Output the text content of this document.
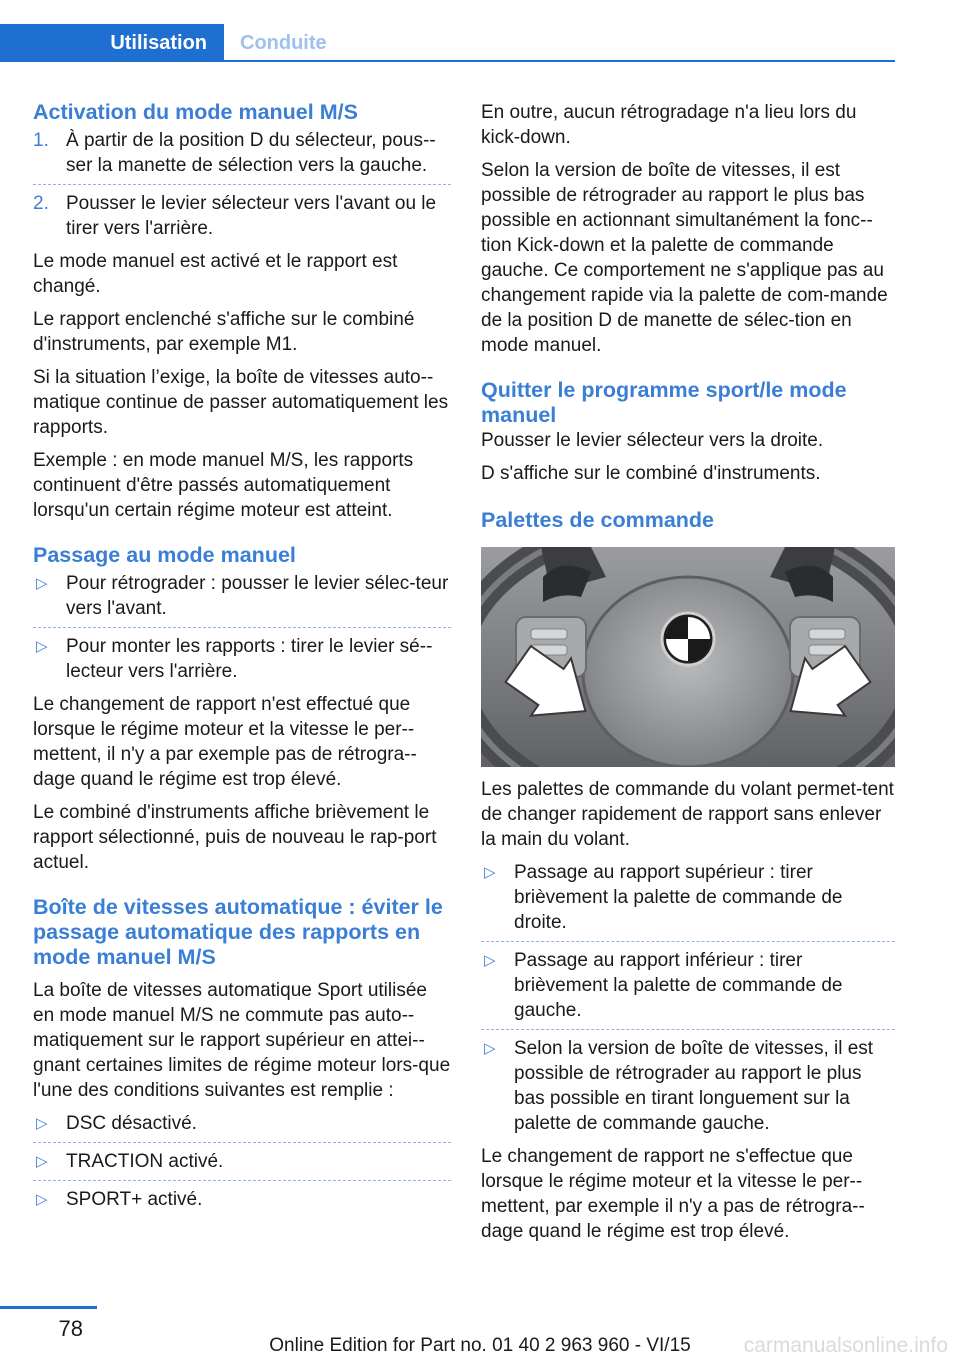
Utilisation Conduite
Activation du mode manuel M/S
1. À partir de la position D du sélecteur, pous-ser la manette de sélection vers la gauche.
2. Pousser le levier sélecteur vers l'avant ou le tirer vers l'arrière.

Le mode manuel est activé et le rapport est changé.

Le rapport enclenché s'affiche sur le combiné d'instruments, par exemple M1.

Si la situation l’exige, la boîte de vitesses auto-matique continue de passer automatiquement les rapports.

Exemple : en mode manuel M/S, les rapports continuent d'être passés automatiquement lorsqu'un certain régime moteur est atteint.

Passage au mode manuel
▷ Pour rétrograder : pousser le levier sélec-teur vers l'avant.
▷ Pour monter les rapports : tirer le levier sé-lecteur vers l'arrière.

Le changement de rapport n'est effectué que lorsque le régime moteur et la vitesse le per-mettent, il n'y a par exemple pas de rétrogra-dage quand le régime est trop élevé.

Le combiné d'instruments affiche brièvement le rapport sélectionné, puis de nouveau le rap-port actuel.

Boîte de vitesses automatique : éviter le passage automatique des rapports en mode manuel M/S

La boîte de vitesses automatique Sport utilisée en mode manuel M/S ne commute pas auto-matiquement sur le rapport supérieur en attei-gnant certaines limites de régime moteur lors-que l'une des conditions suivantes est remplie :

▷ DSC désactivé.
▷ TRACTION activé.
▷ SPORT+ activé.

En outre, aucun rétrogradage n'a lieu lors du kick-down.

Selon la version de boîte de vitesses, il est possible de rétrograder au rapport le plus bas possible en actionnant simultanément la fonc-tion Kick-down et la palette de commande gauche. Ce comportement ne s'applique pas au changement rapide via la palette de com-mande de la position D de manette de sélec-tion en mode manuel.

Quitter le programme sport/le mode manuel

Pousser le levier sélecteur vers la droite.

D s'affiche sur le combiné d'instruments.

Palettes de commande

Les palettes de commande du volant permet-tent de changer rapidement de rapport sans enlever la main du volant.

▷ Passage au rapport supérieur : tirer brièvement la palette de commande de droite.
▷ Passage au rapport inférieur : tirer brièvement la palette de commande de gauche.
▷ Selon la version de boîte de vitesses, il est possible de rétrograder au rapport le plus bas possible en tirant longuement sur la palette de commande gauche.

Le changement de rapport ne s'effectue que lorsque le régime moteur et la vitesse le per-mettent, par exemple il n'y a pas de rétrogra-dage quand le régime est trop élevé.

78
Online Edition for Part no. 01 40 2 963 960 - VI/15	carmanualsonline.info
